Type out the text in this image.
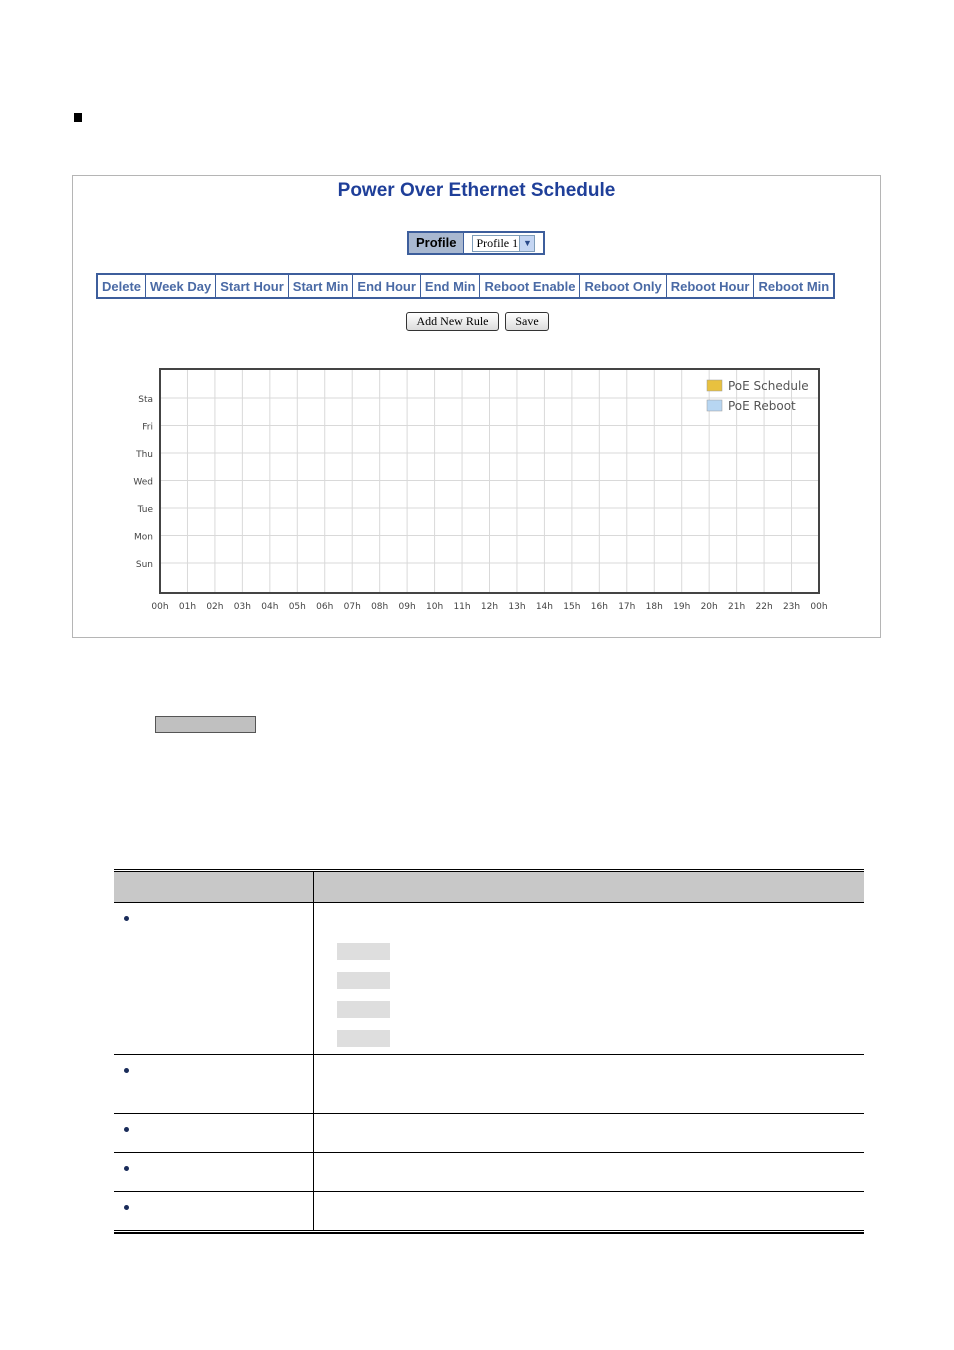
Power Over Ethernet Schedule
Profile	Profile 1 ▼
Delete	Week Day	Start Hour	Start Min	End Hour	End Min	Reboot Enable	Reboot Only	Reboot Hour	Reboot Min
Add New Rule	Save
Sta
Fri
Thu
Wed
Tue
Mon
Sun
00h 01h 02h 03h 04h 05h 06h 07h 08h 09h 10h 11h 12h 13h 14h 15h 16h 17h 18h 19h 20h 21h 22h 23h 00h
PoE Schedule
PoE Reboot
